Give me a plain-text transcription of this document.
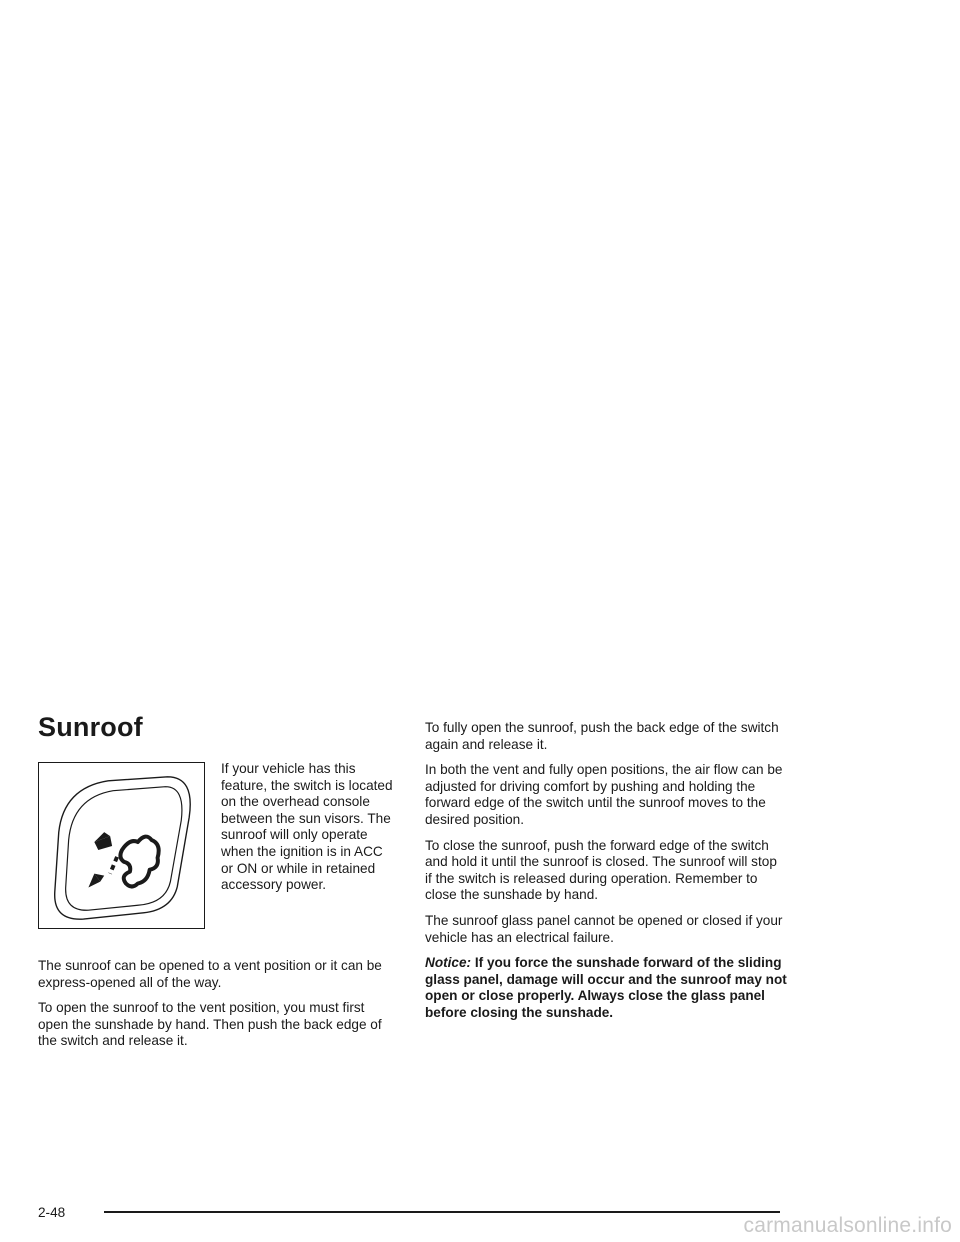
Sunroof

If your vehicle has this feature, the switch is located on the overhead console between the sun visors. The sunroof will only operate when the ignition is in ACC or ON or while in retained accessory power.

The sunroof can be opened to a vent position or it can be express-opened all of the way.

To open the sunroof to the vent position, you must first open the sunshade by hand. Then push the back edge of the switch and release it.

To fully open the sunroof, push the back edge of the switch again and release it.

In both the vent and fully open positions, the air flow can be adjusted for driving comfort by pushing and holding the forward edge of the switch until the sunroof moves to the desired position.

To close the sunroof, push the forward edge of the switch and hold it until the sunroof is closed. The sunroof will stop if the switch is released during operation. Remember to close the sunshade by hand.

The sunroof glass panel cannot be opened or closed if your vehicle has an electrical failure.

Notice: If you force the sunshade forward of the sliding glass panel, damage will occur and the sunroof may not open or close properly. Always close the glass panel before closing the sunshade.

2-48
carmanualsonline.info
